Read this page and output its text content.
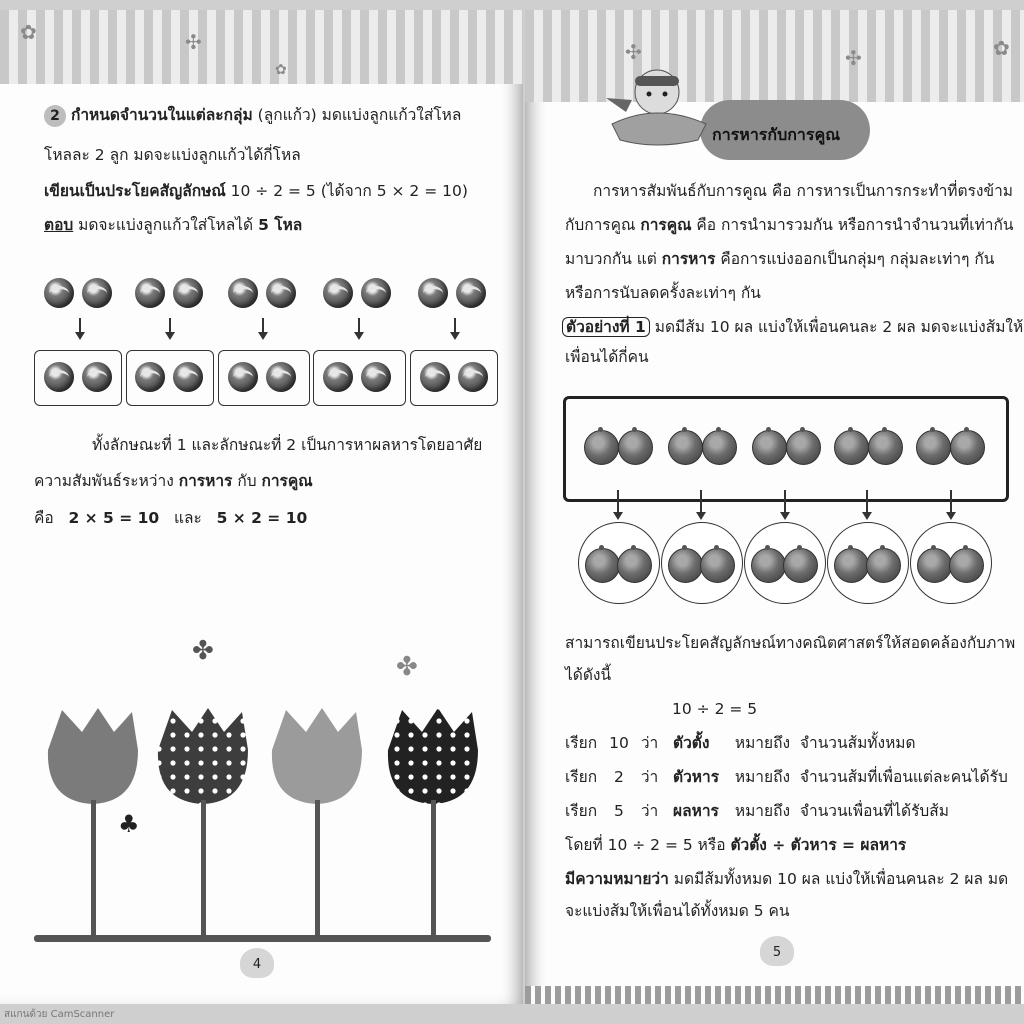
✿	✣
✿
2 กำหนดจำนวนในแต่ละกลุ่ม (ลูกแก้ว) มดแบ่งลูกแก้วใส่โหล
โหลละ 2 ลูก มดจะแบ่งลูกแก้วได้กี่โหล
เขียนเป็นประโยคสัญลักษณ์ 10 ÷ 2 = 5 (ได้จาก 5 × 2 = 10)
ตอบ มดจะแบ่งลูกแก้วใส่โหลได้ 5 โหล
ทั้งลักษณะที่ 1 และลักษณะที่ 2 เป็นการหาผลหารโดยอาศัย
ความสัมพันธ์ระหว่าง การหาร กับ การคูณ
คือ 2 × 5 = 10 และ 5 × 2 = 10
✤
✤
♣
4
✣	✣	✿
การหารกับการคูณ
การหารสัมพันธ์กับการคูณ คือ การหารเป็นการกระทำที่ตรงข้าม
กับการคูณ การคูณ คือ การนำมารวมกัน หรือการนำจำนวนที่เท่ากัน
มาบวกกัน แต่ การหาร คือการแบ่งออกเป็นกลุ่มๆ กลุ่มละเท่าๆ กัน
หรือการนับลดครั้งละเท่าๆ กัน
ตัวอย่างที่ 1 มดมีส้ม 10 ผล แบ่งให้เพื่อนคนละ 2 ผล มดจะแบ่งส้มให้
เพื่อนได้กี่คน
สามารถเขียนประโยคสัญลักษณ์ทางคณิตศาสตร์ให้สอดคล้องกับภาพ
ได้ดังนี้
10 ÷ 2 = 5
เรียก 10 ว่า ตัวตั้ง หมายถึง จำนวนส้มทั้งหมด
เรียก 2 ว่า ตัวหาร หมายถึง จำนวนส้มที่เพื่อนแต่ละคนได้รับ
เรียก 5 ว่า ผลหาร หมายถึง จำนวนเพื่อนที่ได้รับส้ม
โดยที่ 10 ÷ 2 = 5 หรือ ตัวตั้ง ÷ ตัวหาร = ผลหาร
มีความหมายว่า มดมีส้มทั้งหมด 10 ผล แบ่งให้เพื่อนคนละ 2 ผล มด
จะแบ่งส้มให้เพื่อนได้ทั้งหมด 5 คน
5
สแกนด้วย CamScanner
